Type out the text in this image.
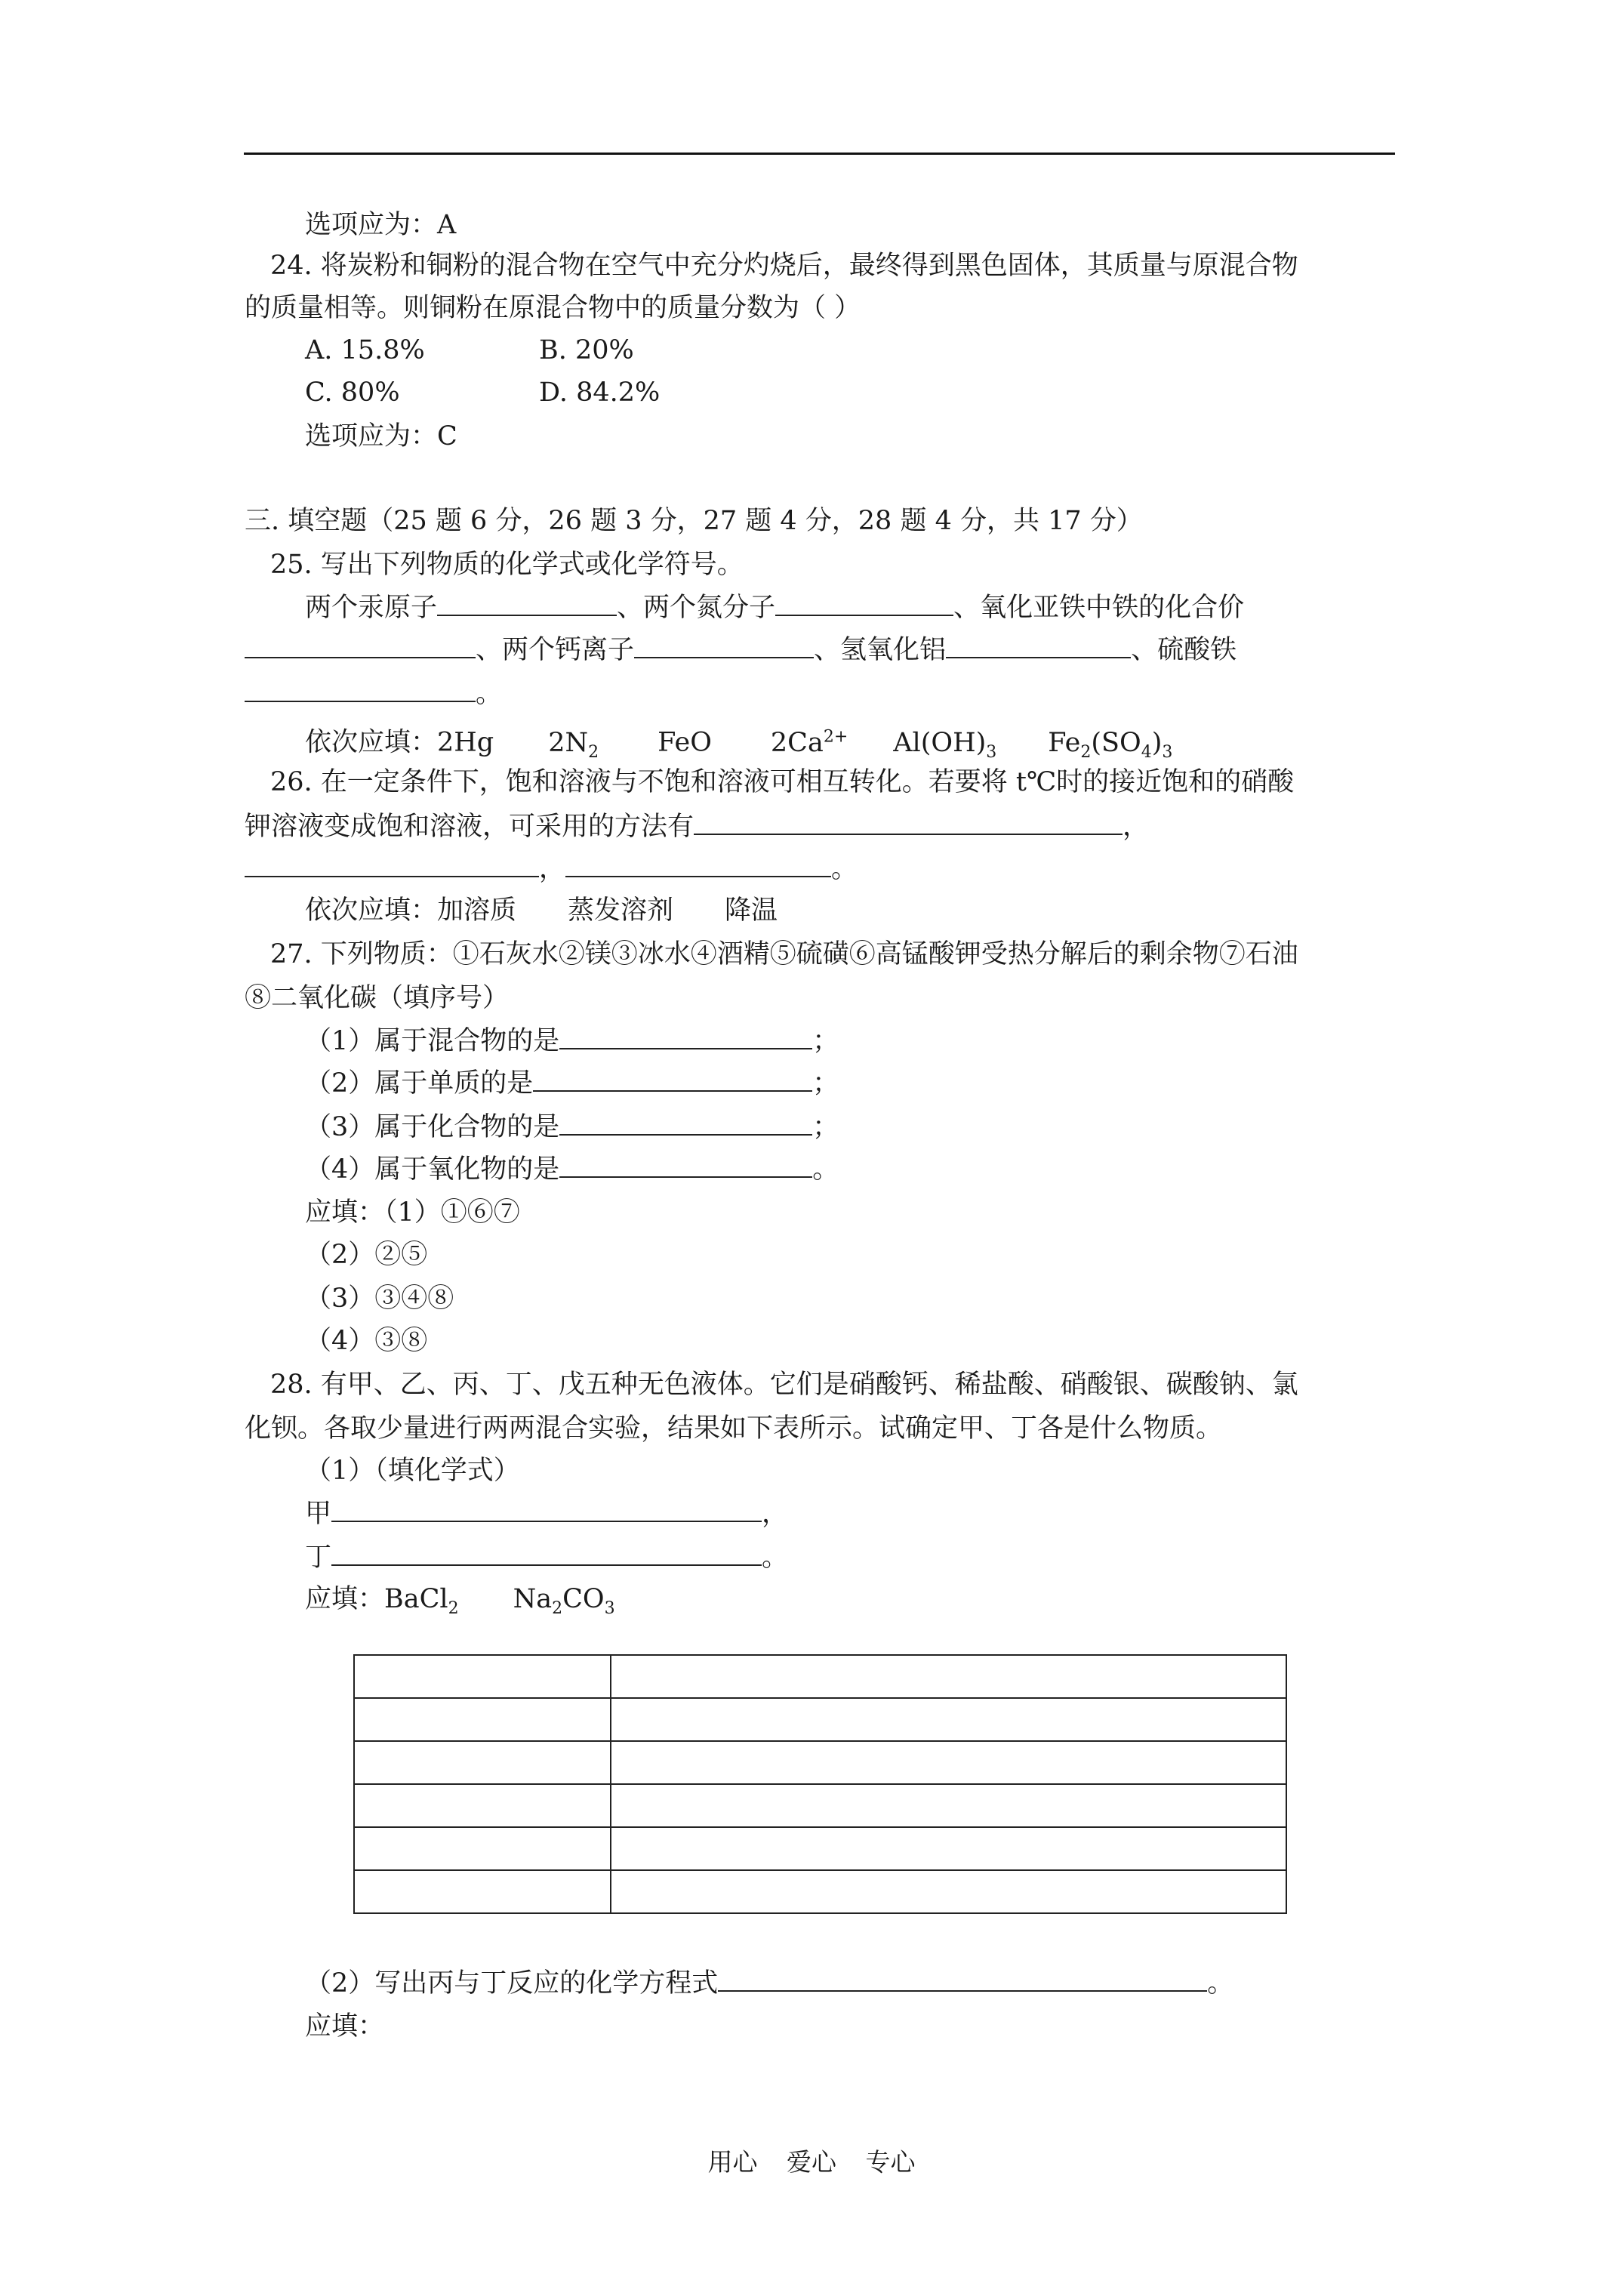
选项应为：A
24. 将炭粉和铜粉的混合物在空气中充分灼烧后，最终得到黑色固体，其质量与原混合物
的质量相等。则铜粉在原混合物中的质量分数为（ ）
A. 15.8%	B. 20%
C. 80%	D. 84.2%
选项应为：C
三. 填空题（25 题 6 分，26 题 3 分，27 题 4 分，28 题 4 分，共 17 分）
25. 写出下列物质的化学式或化学符号。
两个汞原子	、两个氮分子	、氧化亚铁中铁的化合价
、两个钙离子	、氢氧化铝	、硫酸铁
。
依次应填：2Hg $2N_2$ FeO $2Ca^{2+}$ $Al(OH)_3$ $Fe_2(SO_4)_3$
26. 在一定条件下，饱和溶液与不饱和溶液可相互转化。若要将 t℃时的接近饱和的硝酸
钾溶液变成饱和溶液，可采用的方法有	，
，	。
依次应填：加溶质 蒸发溶剂 降温
27. 下列物质：①石灰水②镁③冰水④酒精⑤硫磺⑥高锰酸钾受热分解后的剩余物⑦石油
⑧二氧化碳（填序号）
（1）属于混合物的是	；
（2）属于单质的是	；
（3）属于化合物的是	；
（4）属于氧化物的是	。
应填：（1）①⑥⑦
（2）②⑤
（3）③④⑧
（4）③⑧
28. 有甲、乙、丙、丁、戊五种无色液体。它们是硝酸钙、稀盐酸、硝酸银、碳酸钠、氯
化钡。各取少量进行两两混合实验，结果如下表所示。试确定甲、丁各是什么物质。
（1）（填化学式）
甲	，
丁	。
应填：BaCl$_2$ $Na_2CO_3$

（2）写出丙与丁反应的化学方程式	。
应填：
用心 爱心 专心
